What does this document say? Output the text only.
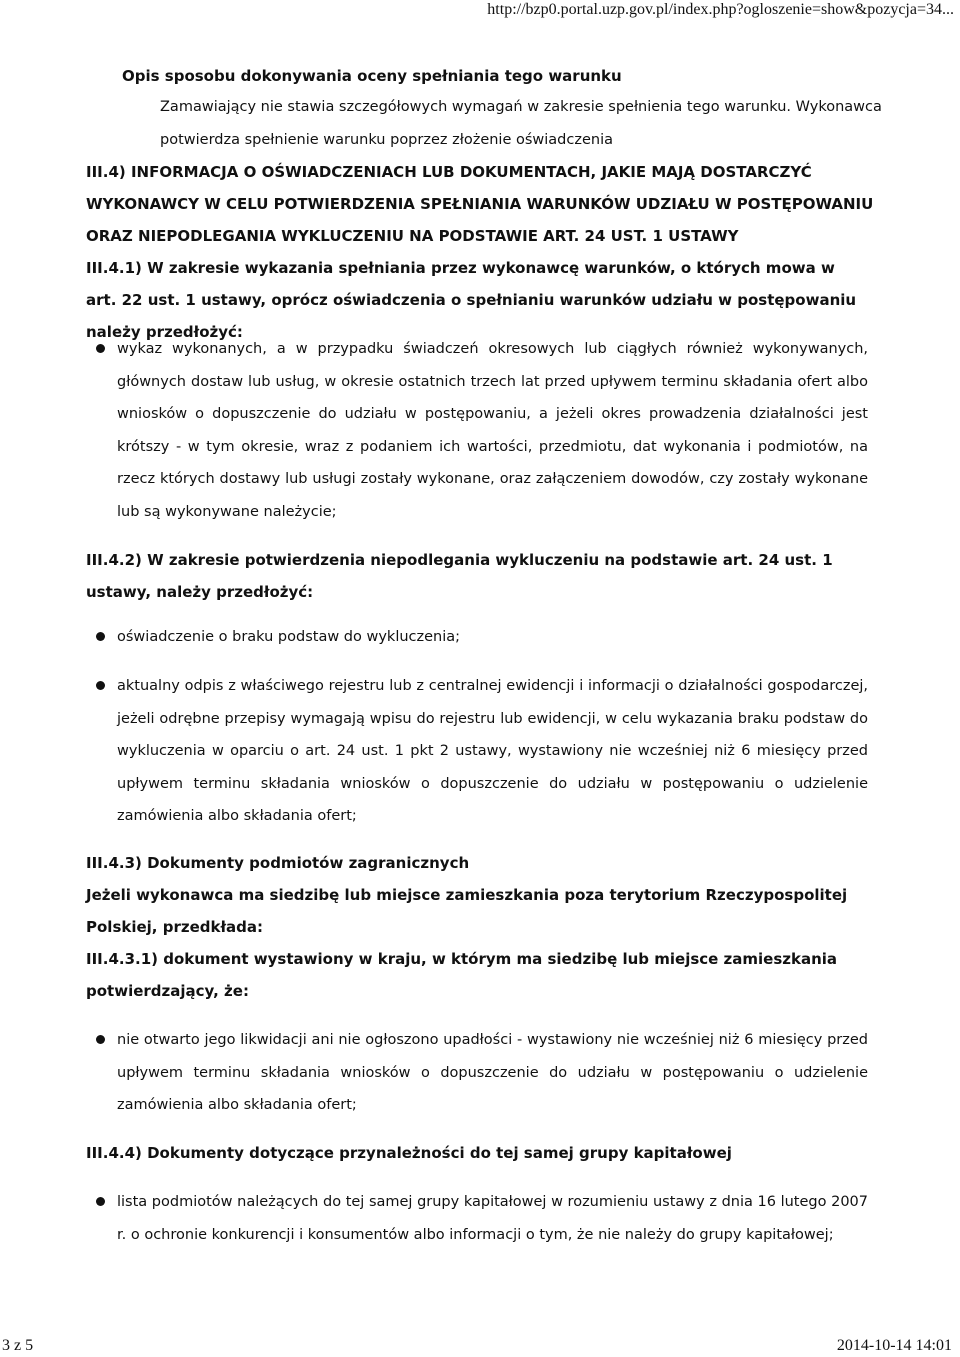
http://bzp0.portal.uzp.gov.pl/index.php?ogloszenie=show&pozycja=34...
Opis sposobu dokonywania oceny spełniania tego warunku
Zamawiający nie stawia szczegółowych wymagań w zakresie spełnienia tego warunku. Wykonawca potwierdza spełnienie warunku poprzez złożenie oświadczenia
III.4) INFORMACJA O OŚWIADCZENIACH LUB DOKUMENTACH, JAKIE MAJĄ DOSTARCZYĆ WYKONAWCY W CELU POTWIERDZENIA SPEŁNIANIA WARUNKÓW UDZIAŁU W POSTĘPOWANIU ORAZ NIEPODLEGANIA WYKLUCZENIU NA PODSTAWIE ART. 24 UST. 1 USTAWY
III.4.1) W zakresie wykazania spełniania przez wykonawcę warunków, o których mowa w art. 22 ust. 1 ustawy, oprócz oświadczenia o spełnianiu warunków udziału w postępowaniu należy przedłożyć:
wykaz wykonanych, a w przypadku świadczeń okresowych lub ciągłych również wykonywanych, głównych dostaw lub usług, w okresie ostatnich trzech lat przed upływem terminu składania ofert albo wniosków o dopuszczenie do udziału w postępowaniu, a jeżeli okres prowadzenia działalności jest krótszy - w tym okresie, wraz z podaniem ich wartości, przedmiotu, dat wykonania i podmiotów, na rzecz których dostawy lub usługi zostały wykonane, oraz załączeniem dowodów, czy zostały wykonane lub są wykonywane należycie;
III.4.2) W zakresie potwierdzenia niepodlegania wykluczeniu na podstawie art. 24 ust. 1 ustawy, należy przedłożyć:
oświadczenie o braku podstaw do wykluczenia;
aktualny odpis z właściwego rejestru lub z centralnej ewidencji i informacji o działalności gospodarczej, jeżeli odrębne przepisy wymagają wpisu do rejestru lub ewidencji, w celu wykazania braku podstaw do wykluczenia w oparciu o art. 24 ust. 1 pkt 2 ustawy, wystawiony nie wcześniej niż 6 miesięcy przed upływem terminu składania wniosków o dopuszczenie do udziału w postępowaniu o udzielenie zamówienia albo składania ofert;
III.4.3) Dokumenty podmiotów zagranicznych
Jeżeli wykonawca ma siedzibę lub miejsce zamieszkania poza terytorium Rzeczypospolitej Polskiej, przedkłada:
III.4.3.1) dokument wystawiony w kraju, w którym ma siedzibę lub miejsce zamieszkania potwierdzający, że:
nie otwarto jego likwidacji ani nie ogłoszono upadłości - wystawiony nie wcześniej niż 6 miesięcy przed upływem terminu składania wniosków o dopuszczenie do udziału w postępowaniu o udzielenie zamówienia albo składania ofert;
III.4.4) Dokumenty dotyczące przynależności do tej samej grupy kapitałowej
lista podmiotów należących do tej samej grupy kapitałowej w rozumieniu ustawy z dnia 16 lutego 2007 r. o ochronie konkurencji i konsumentów albo informacji o tym, że nie należy do grupy kapitałowej;
3 z 5	2014-10-14 14:01
